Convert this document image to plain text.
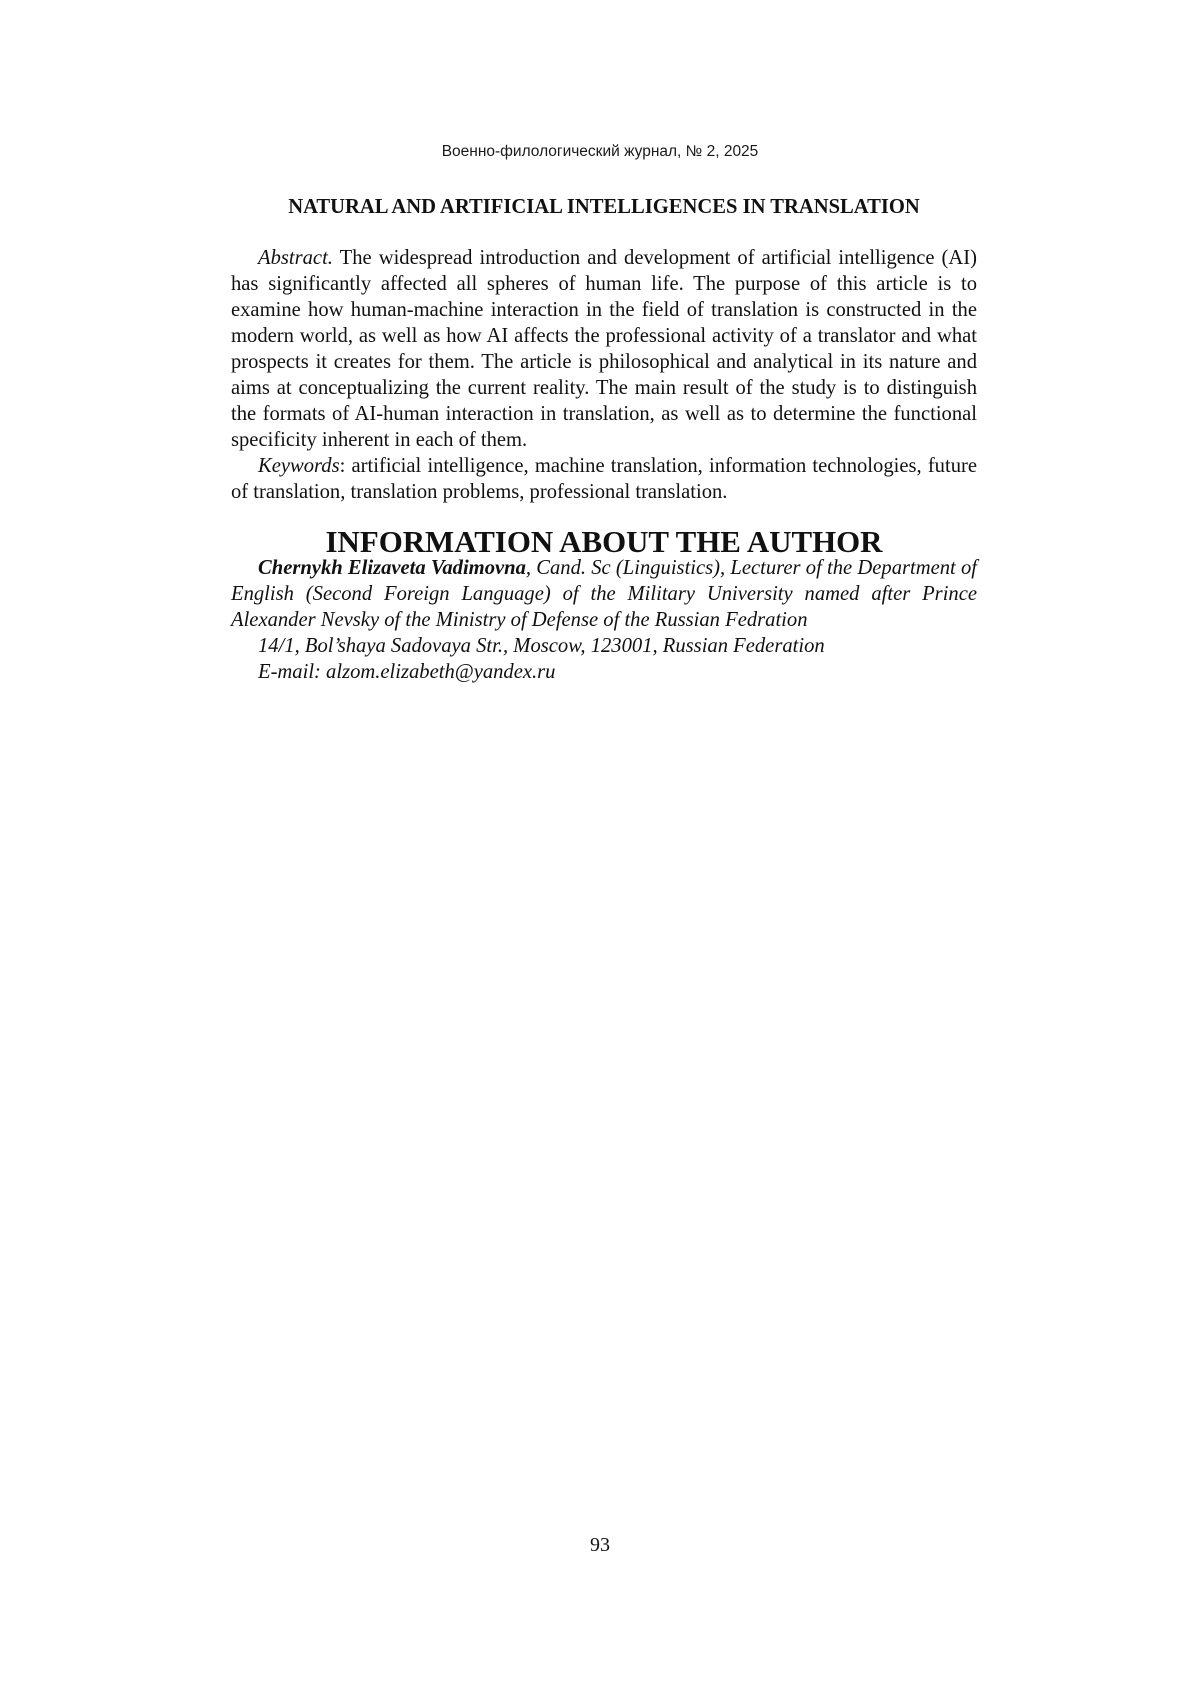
Военно-филологический журнал, № 2, 2025
NATURAL AND ARTIFICIAL INTELLIGENCES IN TRANSLATION

Abstract. The widespread introduction and development of artificial intelligence (AI) has significantly affected all spheres of human life. The purpose of this article is to examine how human-machine interaction in the field of translation is constructed in the modern world, as well as how AI affects the professional activity of a translator and what prospects it creates for them. The article is philosophical and analytical in its nature and aims at conceptualizing the current reality. The main result of the study is to distinguish the formats of AI-human interaction in translation, as well as to determine the functional specificity inherent in each of them.

Keywords: artificial intelligence, machine translation, information technologies, future of translation, translation problems, professional translation.

INFORMATION ABOUT THE AUTHOR

Chernykh Elizaveta Vadimovna, Cand. Sc (Linguistics), Lecturer of the Department of English (Second Foreign Language) of the Military University named after Prince Alexander Nevsky of the Ministry of Defense of the Russian Fedration

14/1, Bol’shaya Sadovaya Str., Moscow, 123001, Russian Federation

E-mail: alzom.elizabeth@yandex.ru

93
